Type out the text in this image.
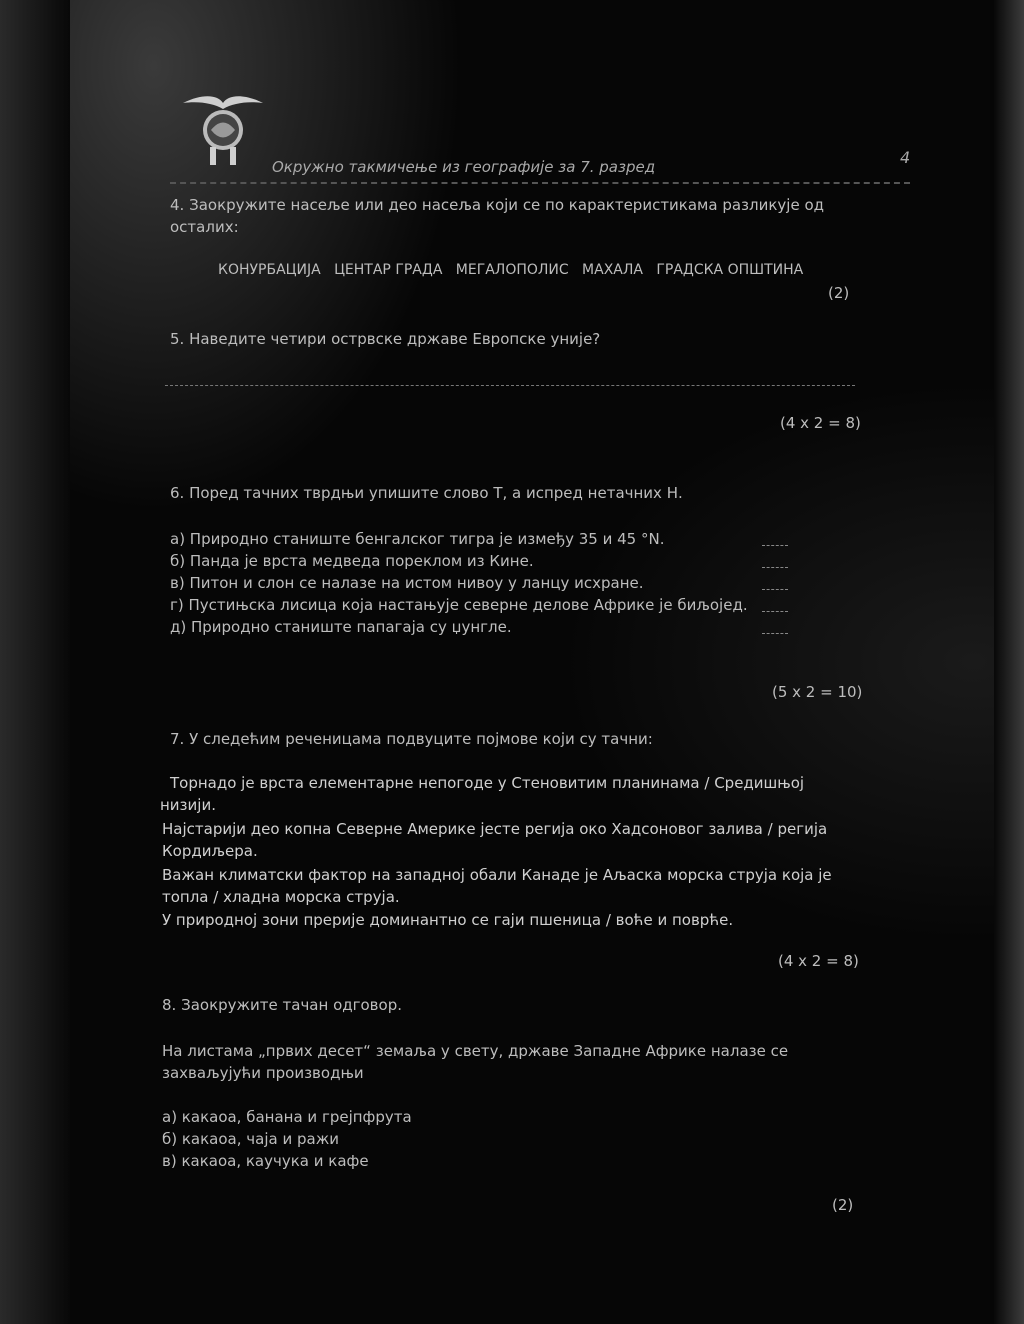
Окружно такмичење из географије за 7. разред	4
4. Заокружите насеље или део насеља који се по карактеристикама разликује од
осталих:
КОНУРБАЦИЈА ЦЕНТАР ГРАДА МЕГАЛОПОЛИС МАХАЛА ГРАДСКА ОПШТИНА
(2)
5. Наведите четири острвске државе Европске уније?
(4 x 2 = 8)
6. Поред тачних тврдњи упишите слово Т, а испред нетачних Н.
а) Природно станиште бенгалског тигра је између 35 и 45 °N.
б) Панда је врста медведа пореклом из Кине.
в) Питон и слон се налазе на истом нивоу у ланцу исхране.
г) Пустињска лисица која настањује северне делове Африке је биљојед.
д) Природно станиште папагаја су џунгле.
(5 x 2 = 10)
7. У следећим реченицама подвуците појмове који су тачни:
Торнадо је врста елементарне непогоде у Стеновитим планинама / Средишњој
низији.
Најстарији део копна Северне Америке јесте регија око Хадсоновог залива / регија
Кордиљера.
Важан климатски фактор на западној обали Канаде је Аљаска морска струја која је
топла / хладна морска струја.
У природној зони прерије доминантно се гаји пшеница / воће и поврће.
(4 x 2 = 8)
8. Заокружите тачан одговор.
На листама „првих десет“ земаља у свету, државе Западне Африке налазе се
захваљујући производњи
а) какаоа, банана и грејпфрута
б) какаоа, чаја и ражи
в) какаоа, каучука и кафе
(2)
